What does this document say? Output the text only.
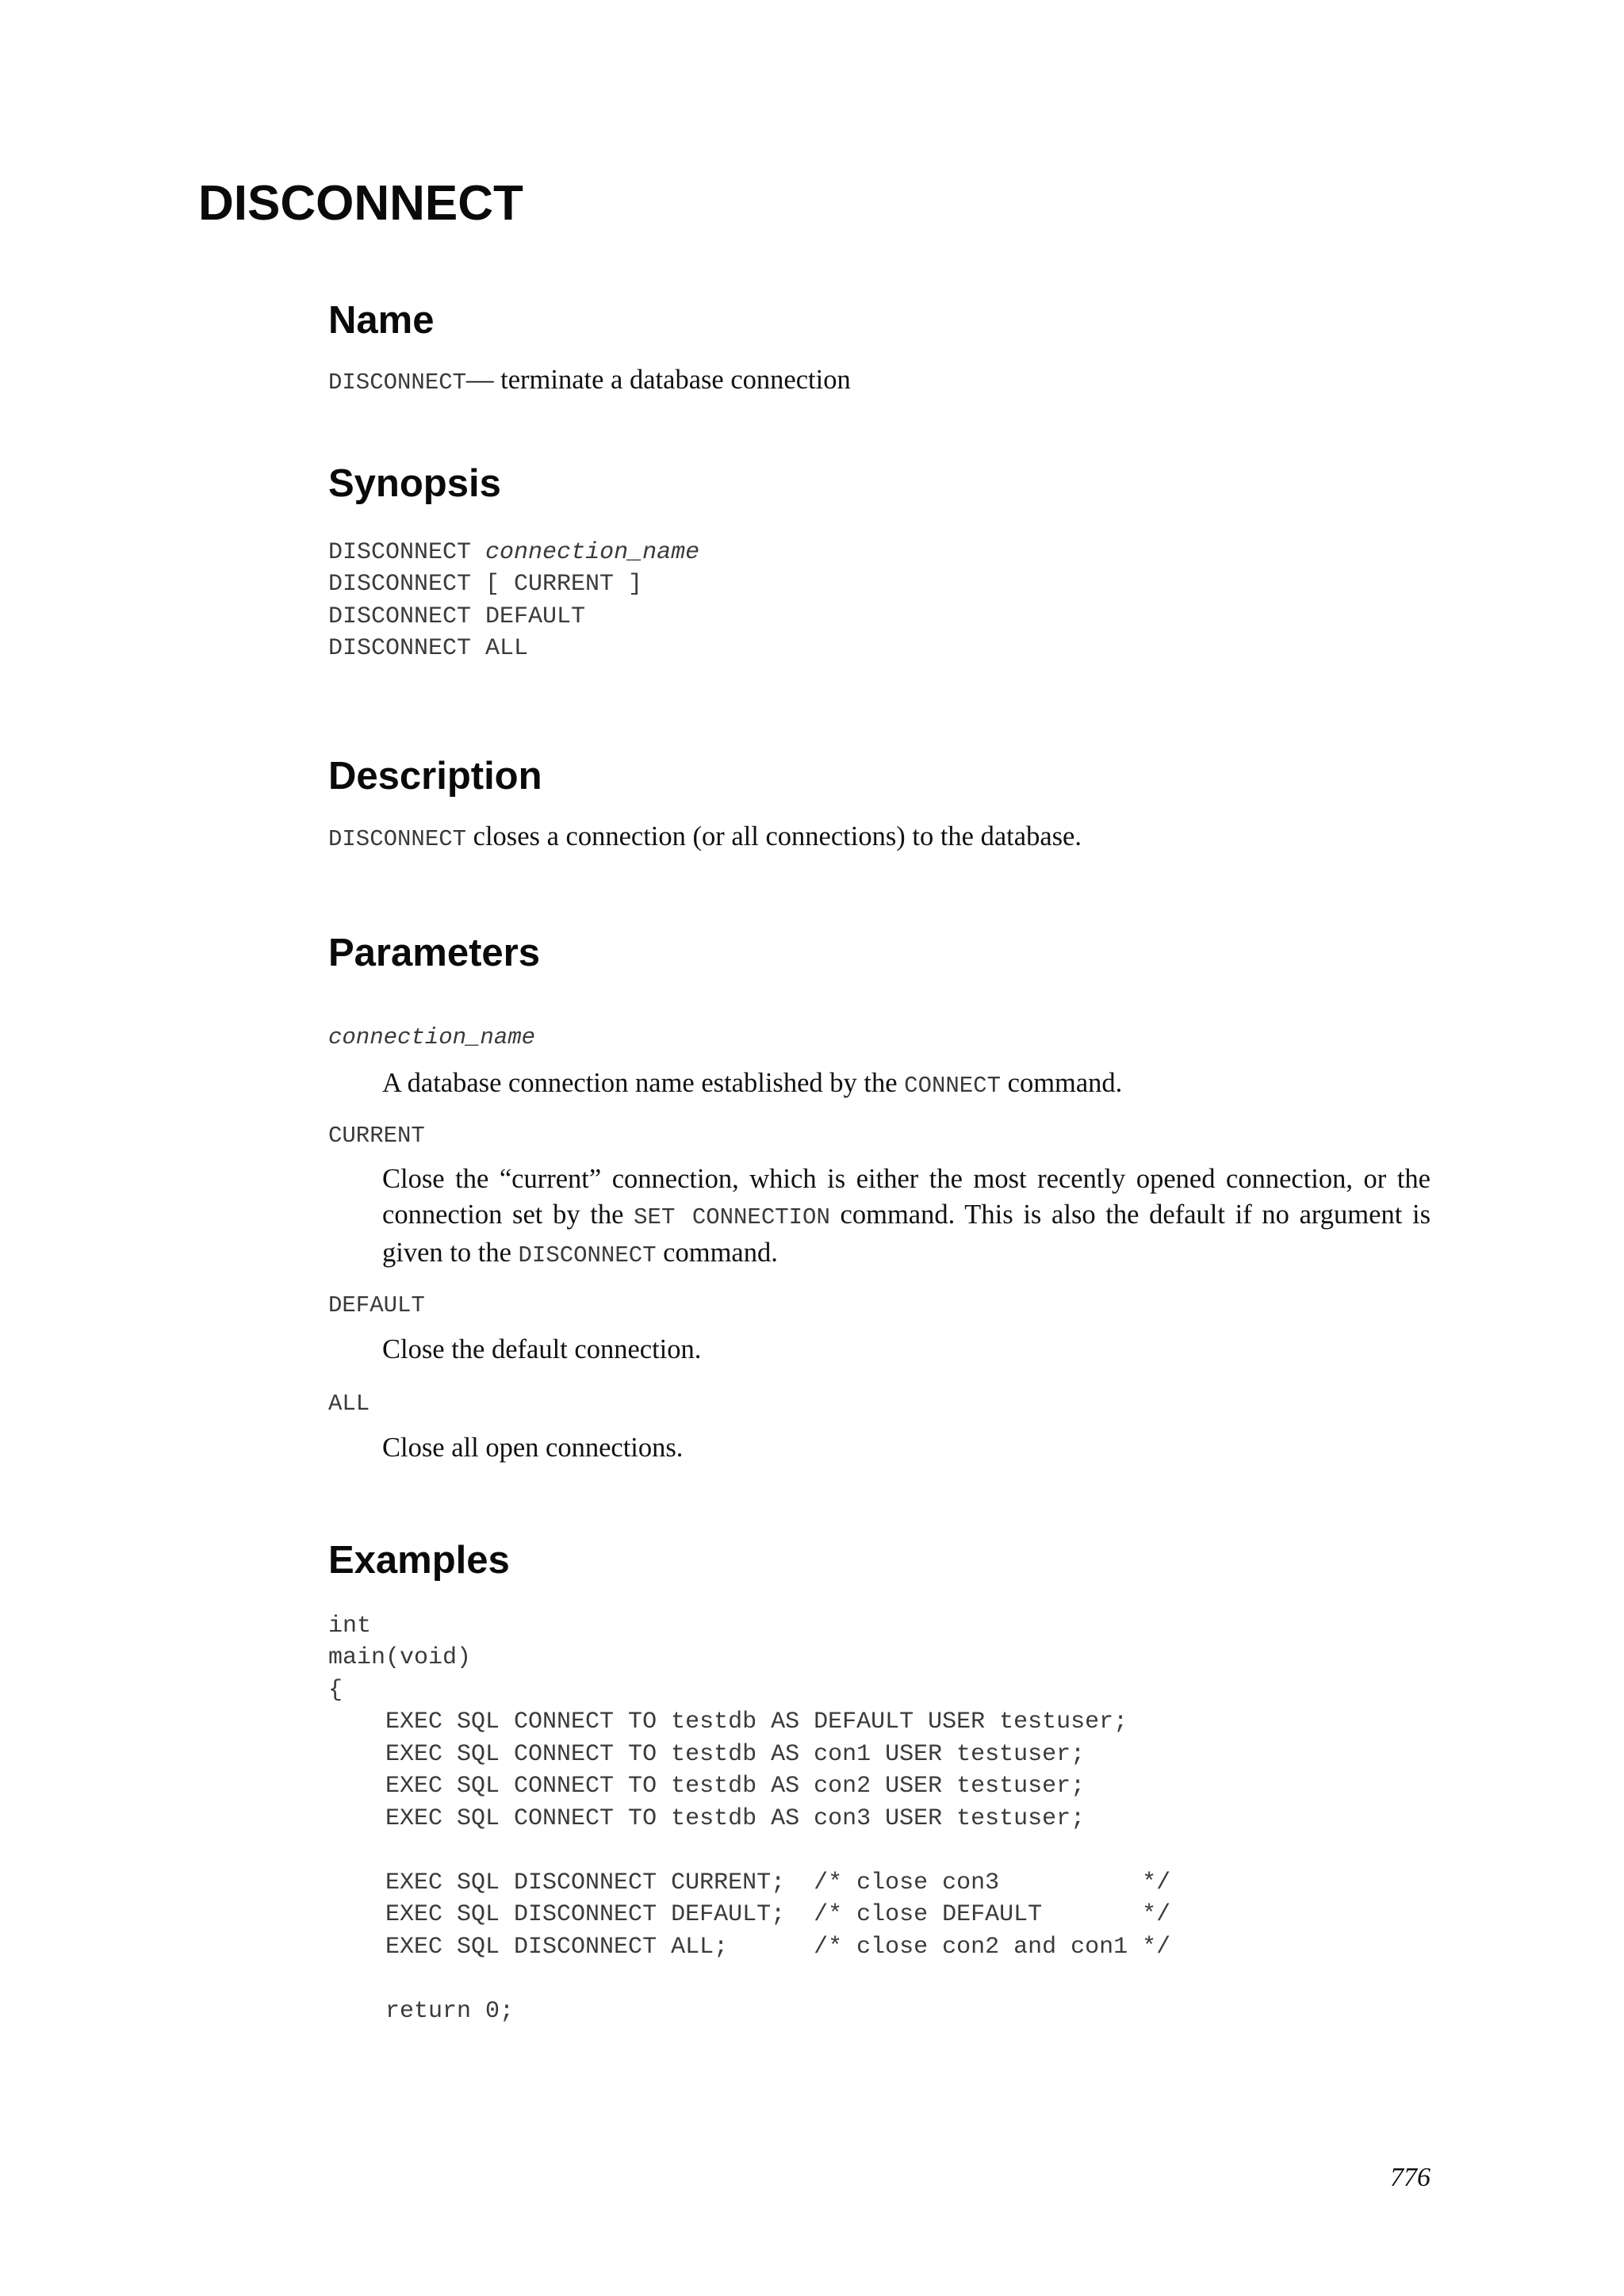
DISCONNECT
Name
DISCONNECT— terminate a database connection
Synopsis
DISCONNECT connection_name
DISCONNECT [ CURRENT ]
DISCONNECT DEFAULT
DISCONNECT ALL
Description
DISCONNECT closes a connection (or all connections) to the database.
Parameters
connection_name
A database connection name established by the CONNECT command.
CURRENT
Close the “current” connection, which is either the most recently opened connection, or the connection set by the SET CONNECTION command. This is also the default if no argument is given to the DISCONNECT command.
DEFAULT
Close the default connection.
ALL
Close all open connections.
Examples
int
main(void)
{
EXEC SQL CONNECT TO testdb AS DEFAULT USER testuser;
EXEC SQL CONNECT TO testdb AS con1 USER testuser;
EXEC SQL CONNECT TO testdb AS con2 USER testuser;
EXEC SQL CONNECT TO testdb AS con3 USER testuser;
EXEC SQL DISCONNECT CURRENT;  /* close con3          */
EXEC SQL DISCONNECT DEFAULT;  /* close DEFAULT       */
EXEC SQL DISCONNECT ALL;      /* close con2 and con1 */
return 0;
776
